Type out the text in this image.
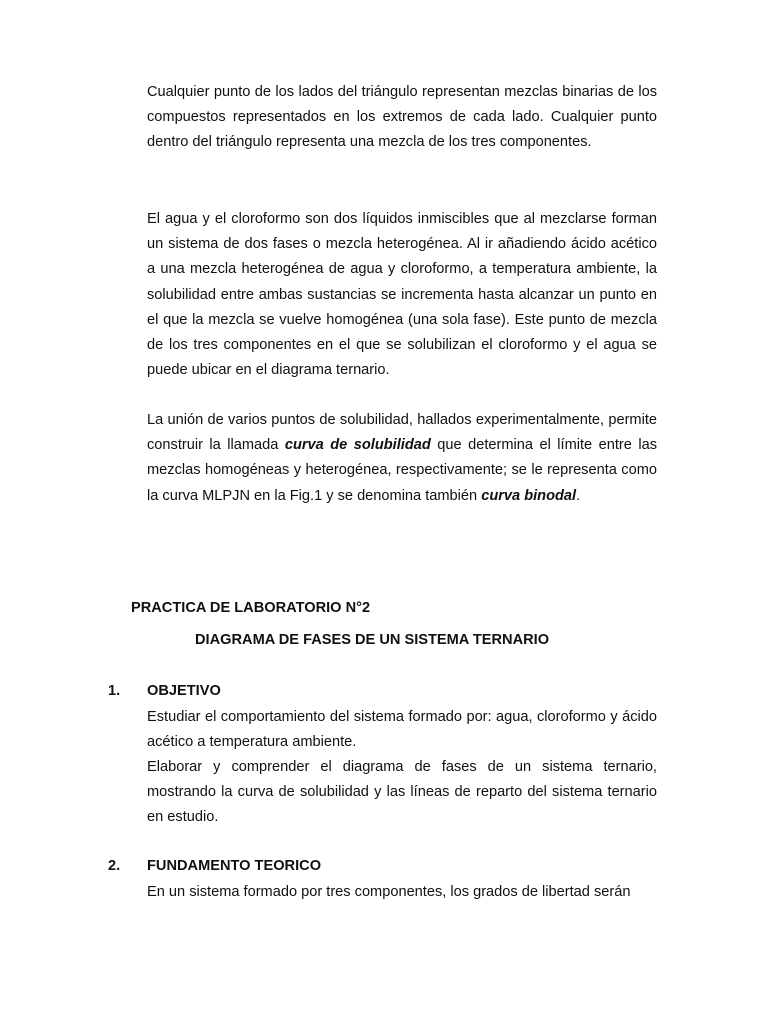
Cualquier punto de los lados del triángulo representan mezclas binarias de los compuestos representados en los extremos de cada lado. Cualquier punto dentro del triángulo representa una mezcla de los tres componentes.

El agua y el cloroformo son dos líquidos inmiscibles que al mezclarse forman un sistema de dos fases o mezcla heterogénea. Al ir añadiendo ácido acético a una mezcla heterogénea de agua y cloroformo, a temperatura ambiente, la solubilidad entre ambas sustancias se incrementa hasta alcanzar un punto en el que la mezcla se vuelve homogénea (una sola fase). Este punto de mezcla de los tres componentes en el que se solubilizan el cloroformo y el agua se puede ubicar en el diagrama ternario.

La unión de varios puntos de solubilidad, hallados experimentalmente, permite construir la llamada curva de solubilidad que determina el límite entre las mezclas homogéneas y heterogénea, respectivamente; se le representa como la curva MLPJN en la Fig.1 y se denomina también curva binodal.

PRACTICA DE LABORATORIO N°2

DIAGRAMA DE FASES DE UN SISTEMA TERNARIO

1. OBJETIVO

Estudiar el comportamiento del sistema formado por: agua, cloroformo y ácido acético a temperatura ambiente.

Elaborar y comprender el diagrama de fases de un sistema ternario, mostrando la curva de solubilidad y las líneas de reparto del sistema ternario en estudio.

2. FUNDAMENTO TEORICO

En un sistema formado por tres componentes, los grados de libertad serán
